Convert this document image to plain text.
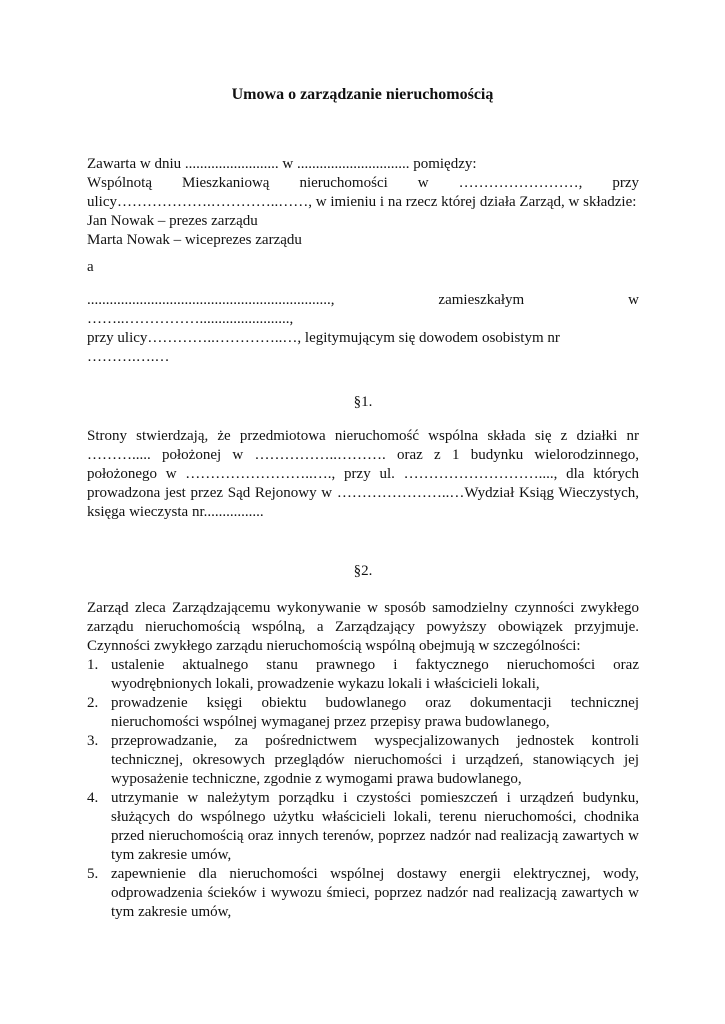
Umowa o zarządzanie nieruchomością
Zawarta w dniu ......................... w .............................. pomiędzy:
Wspólnotą Mieszkaniową nieruchomości w ……………………, przy
ulicy……………….…………..……, w imieniu i na rzecz której działa Zarząd, w składzie:
Jan Nowak – prezes zarządu
Marta Nowak – wiceprezes zarządu
a
................................................................., zamieszkałym w ……..……………........................,
przy ulicy…………..…………..…, legitymującym się dowodem osobistym nr ……….….…
§1.
Strony stwierdzają, że przedmiotowa nieruchomość wspólna składa się z działki nr ………..... położonej w ……………..………. oraz z 1 budynku wielorodzinnego, położonego w ……………………..…., przy ul. ………………………...., dla których prowadzona jest przez Sąd Rejonowy w …………………..…Wydział Ksiąg Wieczystych, księga wieczysta nr................
§2.
Zarząd zleca Zarządzającemu wykonywanie w sposób samodzielny czynności zwykłego zarządu nieruchomością wspólną, a Zarządzający powyższy obowiązek przyjmuje. Czynności zwykłego zarządu nieruchomością wspólną obejmują w szczególności:
1. ustalenie aktualnego stanu prawnego i faktycznego nieruchomości oraz wyodrębnionych lokali, prowadzenie wykazu lokali i właścicieli lokali,
2. prowadzenie księgi obiektu budowlanego oraz dokumentacji technicznej nieruchomości wspólnej wymaganej przez przepisy prawa budowlanego,
3. przeprowadzanie, za pośrednictwem wyspecjalizowanych jednostek kontroli technicznej, okresowych przeglądów nieruchomości i urządzeń, stanowiących jej wyposażenie techniczne, zgodnie z wymogami prawa budowlanego,
4. utrzymanie w należytym porządku i czystości pomieszczeń i urządzeń budynku, służących do wspólnego użytku właścicieli lokali, terenu nieruchomości, chodnika przed nieruchomością oraz innych terenów, poprzez nadzór nad realizacją zawartych w tym zakresie umów,
5. zapewnienie dla nieruchomości wspólnej dostawy energii elektrycznej, wody, odprowadzenia ścieków i wywozu śmieci, poprzez nadzór nad realizacją zawartych w tym zakresie umów,
